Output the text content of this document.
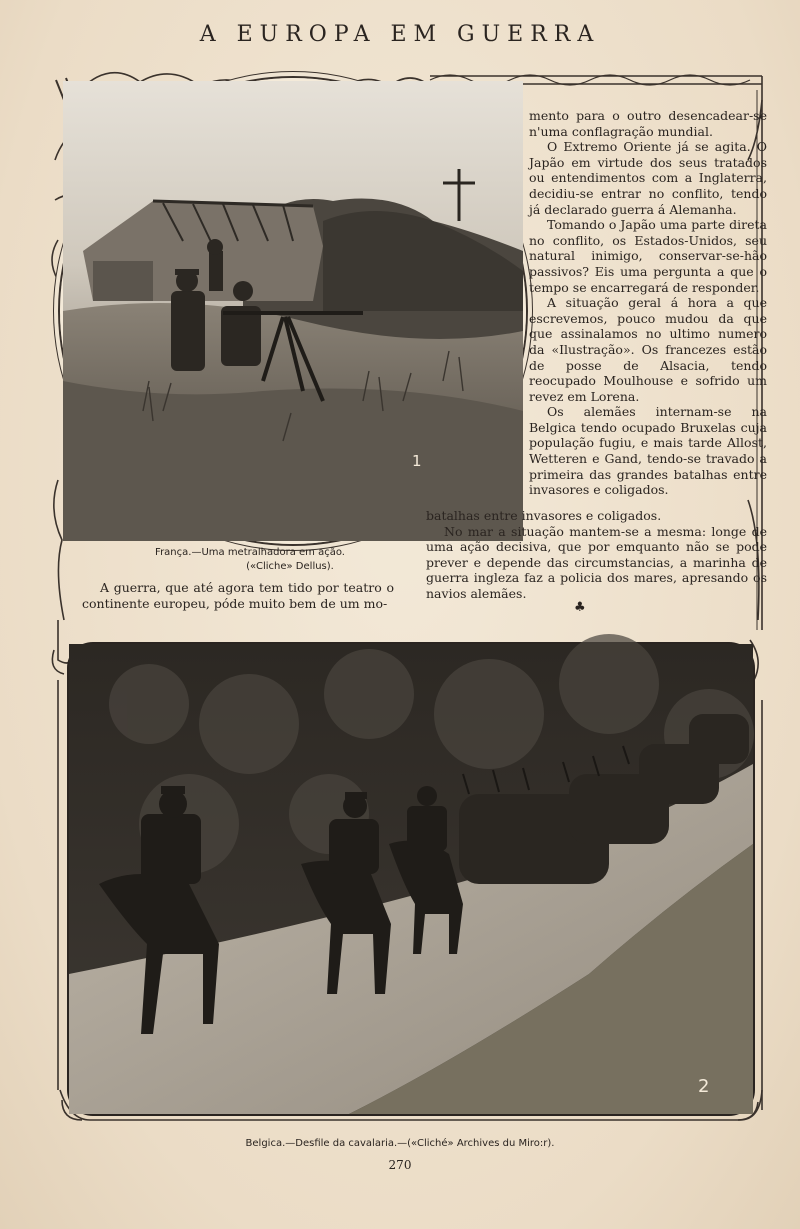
A EUROPA EM GUERRA
1
França.—Uma metralhadora em ação.
(«Cliche» Dellus).

A guerra, que até agora tem tido por teatro o continente europeu, póde muito bem de um mo-

mento para o outro desencadear-se n'uma conflagração mundial.

O Extremo Oriente já se agita. O Japão em virtude dos seus tratados ou entendimentos com a Inglaterra, decidiu-se entrar no conflito, tendo já declarado guerra á Alemanha.

Tomando o Japão uma parte direta no conflito, os Estados-Unidos, seu natural inimigo, conservar-se-hão passivos? Eis uma pergunta a que o tempo se encarregará de responder.

A situação geral á hora a que escrevemos, pouco mudou da que que assinalamos no ultimo numero da «Ilustração». Os francezes estão de posse de Alsacia, tendo reocupado Moulhouse e sofrido um revez em Lorena.

Os alemães internam-se na Belgica tendo ocupado Bruxelas cuja população fugiu, e mais tarde Allost, Wetteren e Gand, tendo-se travado a primeira das grandes batalhas entre invasores e coligados.

batalhas entre invasores e coligados.

No mar a situação mantem-se a mesma: longe de uma ação decisiva, que por emquanto não se pode prever e depende das circumstancias, a marinha de guerra ingleza faz a policia dos mares, apresando os navios alemães.

♣
2
Belgica.—Desfile da cavalaria.—(«Cliché» Archives du Miro:r).
270
